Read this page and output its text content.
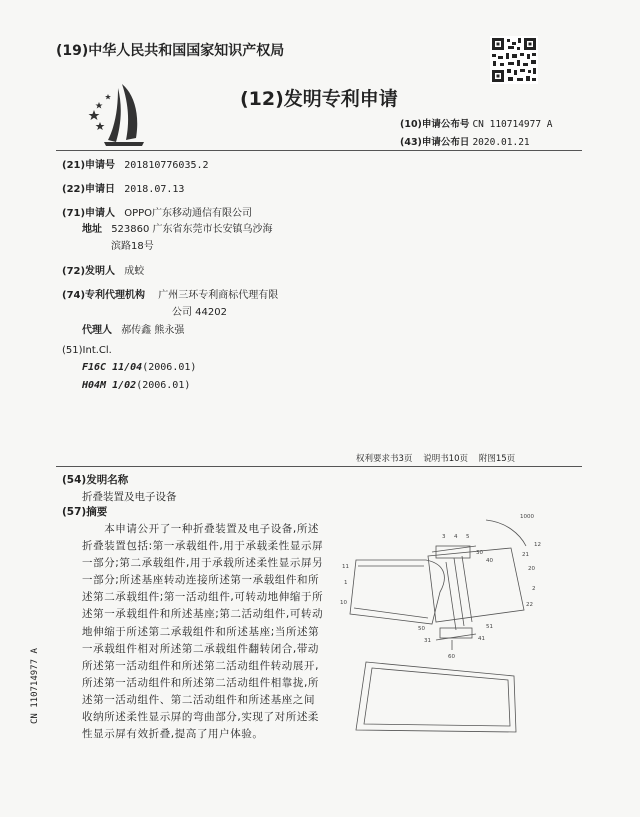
(19)中华人民共和国国家知识产权局
(12)发明专利申请
(10)申请公布号 CN 110714977 A
(43)申请公布日 2020.01.21
(21)申请号 201810776035.2
(22)申请日 2018.07.13
(71)申请人 OPPO广东移动通信有限公司
地址 523860 广东省东莞市长安镇乌沙海
滨路18号
(72)发明人 成蛟
(74)专利代理机构 广州三环专利商标代理有限
公司 44202
代理人 郝传鑫 熊永强
(51)Int.Cl.
F16C 11/04(2006.01)
H04M 1/02(2006.01)
权利要求书3页    说明书10页    附图15页
(54)发明名称
折叠装置及电子设备
(57)摘要
　　本申请公开了一种折叠装置及电子设备,所述折叠装置包括:第一承载组件,用于承载柔性显示屏一部分;第二承载组件,用于承载所述柔性显示屏另一部分;所述基座转动连接所述第一承载组件和所述第二承载组件;第一活动组件,可转动地伸缩于所述第一承载组件和所述基座;第二活动组件,可转动地伸缩于所述第二承载组件和所述基座;当所述第一承载组件相对所述第二承载组件翻转闭合,带动所述第一活动组件和所述第二活动组件转动展开,所述第一活动组件和所述第二活动组件相靠拢,所述第一活动组件、第二活动组件和所述基座之间收纳所述柔性显示屏的弯曲部分,实现了对所述柔性显示屏有效折叠,提高了用户体验。
CN 110714977 A
1000
1
2
3 4 5
10
20
21
22
30
31
40
41
50	51
60
11
12
